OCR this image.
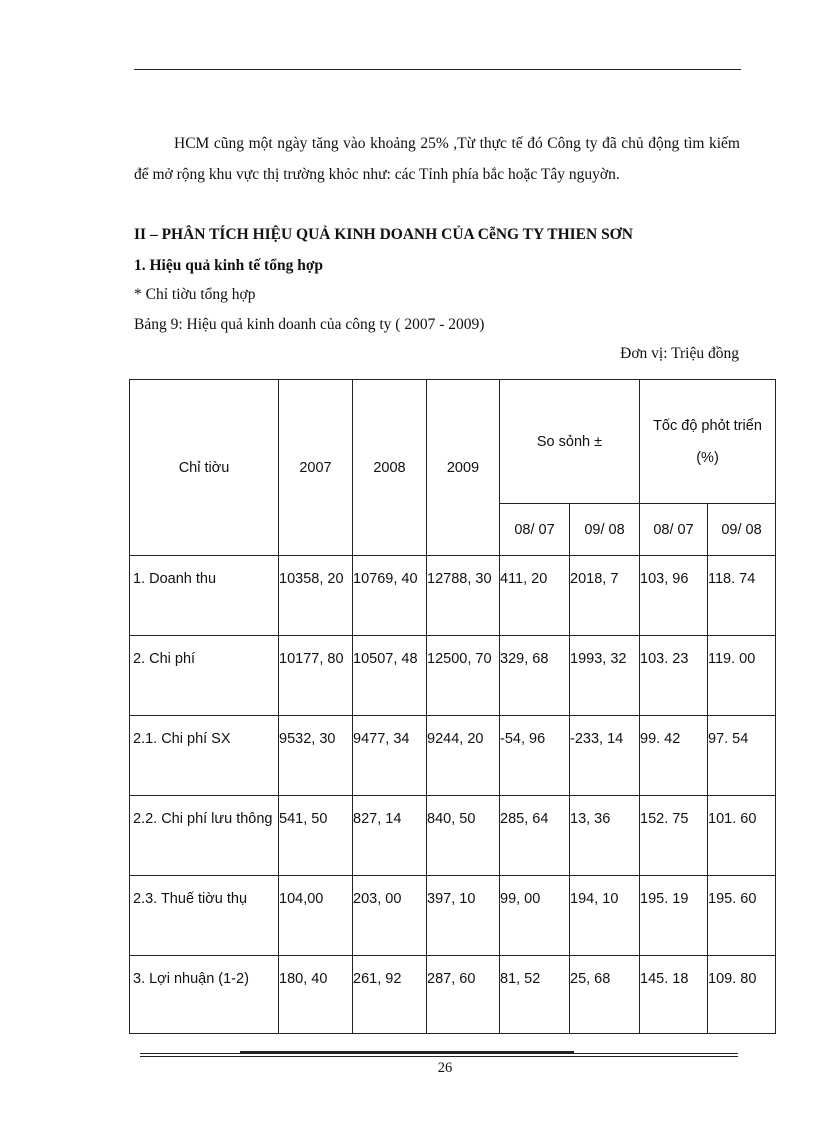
HCM cũng một ngày tăng vào khoảng 25% ,Từ thực tế đó Công ty đã chủ động tìm kiếm để mở rộng khu vực thị trường khỏc như: các Tỉnh phía bắc hoặc Tây nguyờn.
II – PHÂN TÍCH HIỆU QUẢ KINH DOANH CỦA CễNG TY THIEN SƠN
1. Hiệu quả kinh tế tổng hợp
* Chỉ tiờu tổng hợp
Bảng 9: Hiệu quả kinh doanh của công ty ( 2007 - 2009)
Đơn vị: Triệu đồng
Chỉ tiờu	2007	2008	2009	So sỏnh ±		Tốc độ phỏt triển (%)	
				08/ 07	09/ 08	08/ 07	09/ 08
1. Doanh thu	10358, 20	10769, 40	12788, 30	411, 20	2018, 7	103, 96	118. 74
2. Chi phí	10177, 80	10507, 48	12500, 70	329, 68	1993, 32	103. 23	119. 00
2.1. Chi phí SX	9532, 30	9477, 34	9244, 20	-54, 96	-233, 14	99. 42	97. 54
2.2. Chi phí lưu thông	541, 50	827, 14	840, 50	285, 64	13, 36	152. 75	101. 60
2.3. Thuế tiờu thụ	104,00	203, 00	397, 10	99, 00	194, 10	195. 19	195. 60
3. Lợi nhuận (1-2)	180, 40	261, 92	287, 60	81, 52	25, 68	145. 18	109. 80
26
